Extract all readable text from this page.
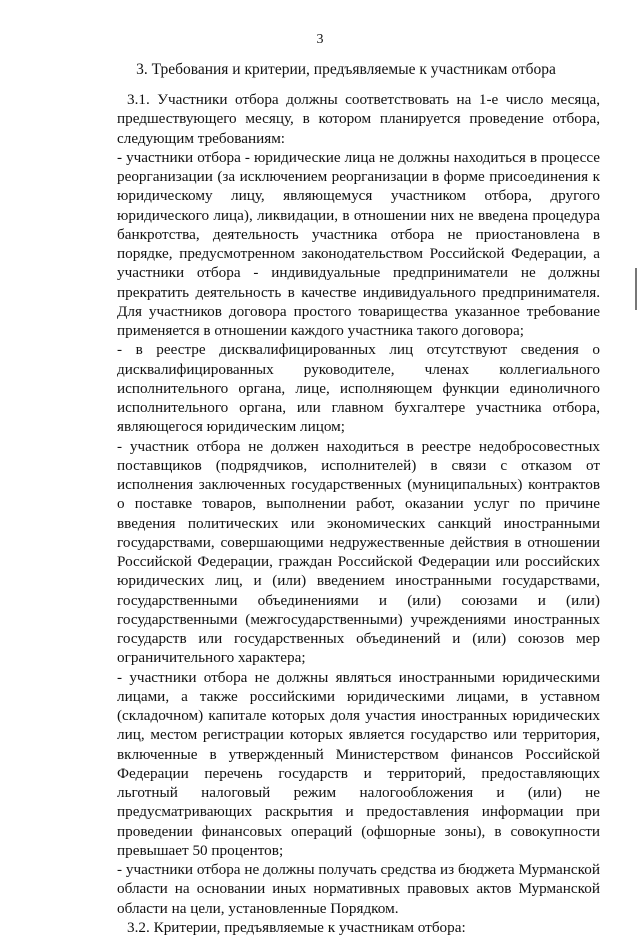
3
3. Требования и критерии, предъявляемые к участникам отбора

3.1. Участники отбора должны соответствовать на 1-е число месяца, предшествующего месяцу, в котором планируется проведение отбора, следующим требованиям:

- участники отбора - юридические лица не должны находиться в процессе реорганизации (за исключением реорганизации в форме присоединения к юридическому лицу, являющемуся участником отбора, другого юридического лица), ликвидации, в отношении них не введена процедура банкротства, деятельность участника отбора не приостановлена в порядке, предусмотренном законодательством Российской Федерации, а участники отбора - индивидуальные предприниматели не должны прекратить деятельность в качестве индивидуального предпринимателя. Для участников договора простого товарищества указанное требование применяется в отношении каждого участника такого договора;

- в реестре дисквалифицированных лиц отсутствуют сведения о дисквалифицированных руководителе, членах коллегиального исполнительного органа, лице, исполняющем функции единоличного исполнительного органа, или главном бухгалтере участника отбора, являющегося юридическим лицом;

- участник отбора не должен находиться в реестре недобросовестных поставщиков (подрядчиков, исполнителей) в связи с отказом от исполнения заключенных государственных (муниципальных) контрактов о поставке товаров, выполнении работ, оказании услуг по причине введения политических или экономических санкций иностранными государствами, совершающими недружественные действия в отношении Российской Федерации, граждан Российской Федерации или российских юридических лиц, и (или) введением иностранными государствами, государственными объединениями и (или) союзами и (или) государственными (межгосударственными) учреждениями иностранных государств или государственных объединений и (или) союзов мер ограничительного характера;

- участники отбора не должны являться иностранными юридическими лицами, а также российскими юридическими лицами, в уставном (складочном) капитале которых доля участия иностранных юридических лиц, местом регистрации которых является государство или территория, включенные в утвержденный Министерством финансов Российской Федерации перечень государств и территорий, предоставляющих льготный налоговый режим налогообложения и (или) не предусматривающих раскрытия и предоставления информации при проведении финансовых операций (офшорные зоны), в совокупности превышает 50 процентов;

- участники отбора не должны получать средства из бюджета Мурманской области на основании иных нормативных правовых актов Мурманской области на цели, установленные Порядком.

3.2. Критерии, предъявляемые к участникам отбора:
